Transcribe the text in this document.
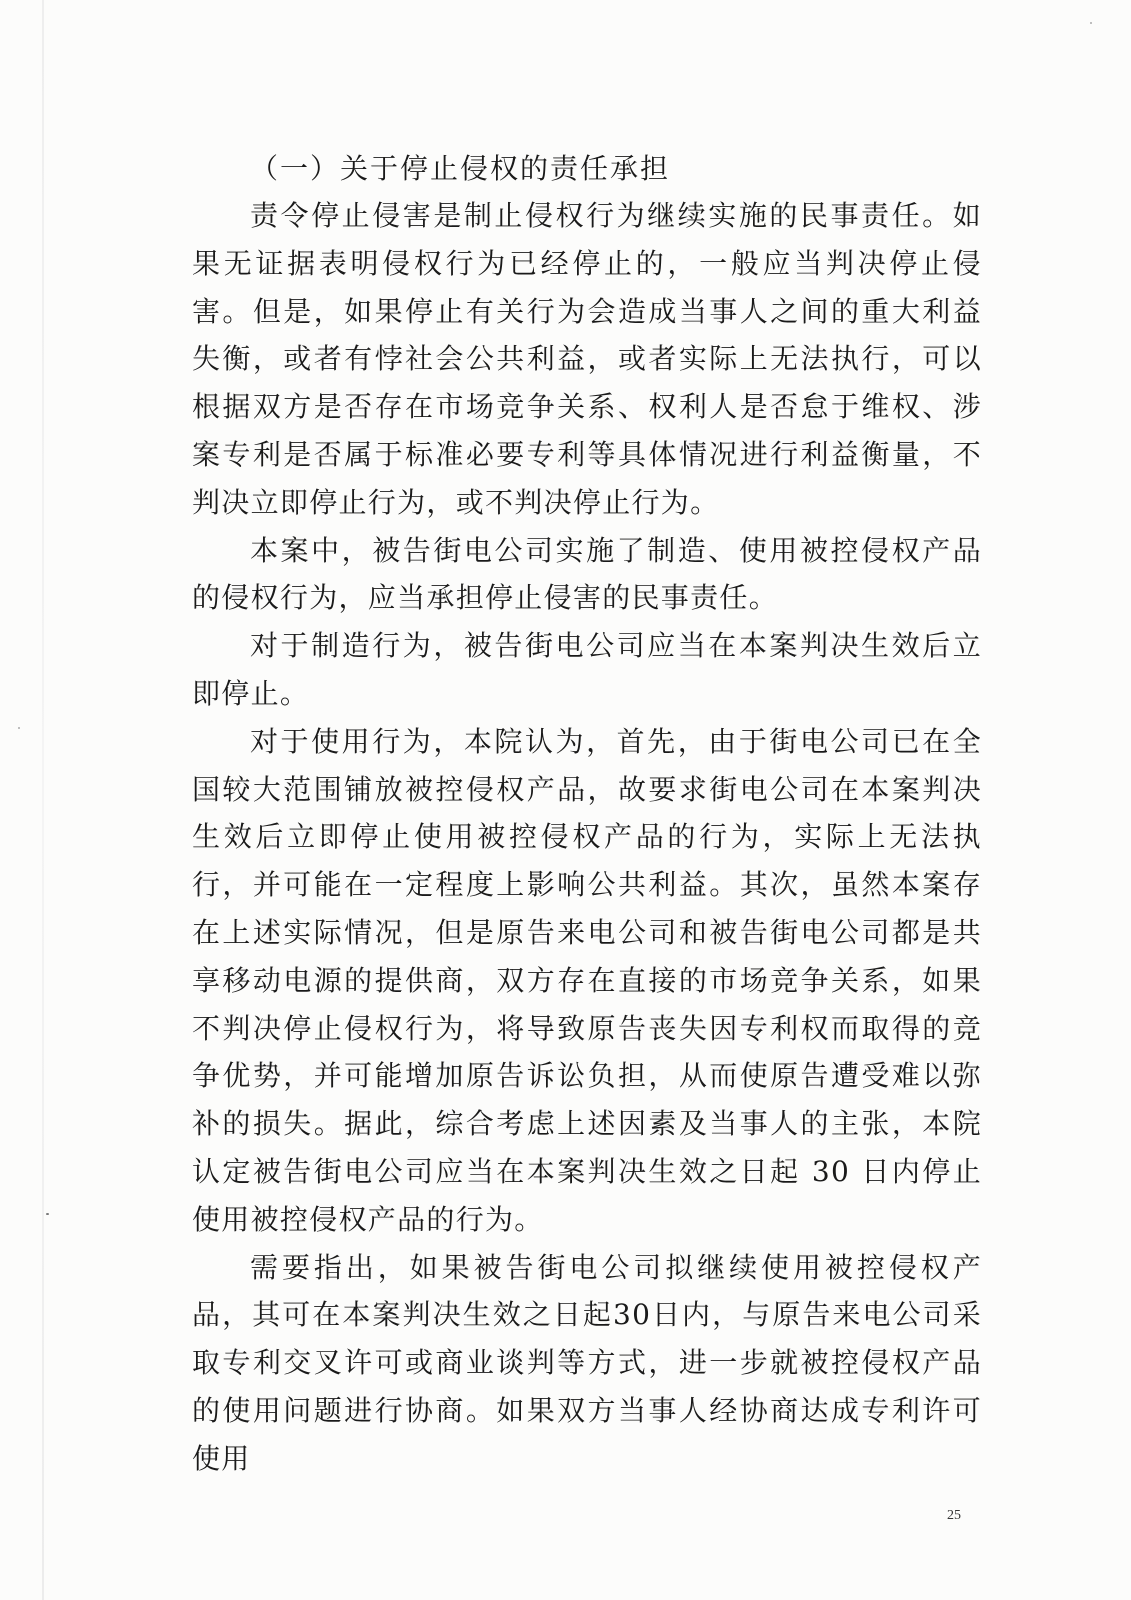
（一）关于停止侵权的责任承担

责令停止侵害是制止侵权行为继续实施的民事责任。如果无证据表明侵权行为已经停止的，一般应当判决停止侵害。但是，如果停止有关行为会造成当事人之间的重大利益失衡，或者有悖社会公共利益，或者实际上无法执行，可以根据双方是否存在市场竞争关系、权利人是否怠于维权、涉案专利是否属于标准必要专利等具体情况进行利益衡量，不判决立即停止行为，或不判决停止行为。

本案中，被告街电公司实施了制造、使用被控侵权产品的侵权行为，应当承担停止侵害的民事责任。

对于制造行为，被告街电公司应当在本案判决生效后立即停止。

对于使用行为，本院认为，首先，由于街电公司已在全国较大范围铺放被控侵权产品，故要求街电公司在本案判决生效后立即停止使用被控侵权产品的行为，实际上无法执行，并可能在一定程度上影响公共利益。其次，虽然本案存在上述实际情况，但是原告来电公司和被告街电公司都是共享移动电源的提供商，双方存在直接的市场竞争关系，如果不判决停止侵权行为，将导致原告丧失因专利权而取得的竞争优势，并可能增加原告诉讼负担，从而使原告遭受难以弥补的损失。据此，综合考虑上述因素及当事人的主张，本院认定被告街电公司应当在本案判决生效之日起 30 日内停止使用被控侵权产品的行为。

需要指出，如果被告街电公司拟继续使用被控侵权产品，其可在本案判决生效之日起30日内，与原告来电公司采取专利交叉许可或商业谈判等方式，进一步就被控侵权产品的使用问题进行协商。如果双方当事人经协商达成专利许可使用

25
